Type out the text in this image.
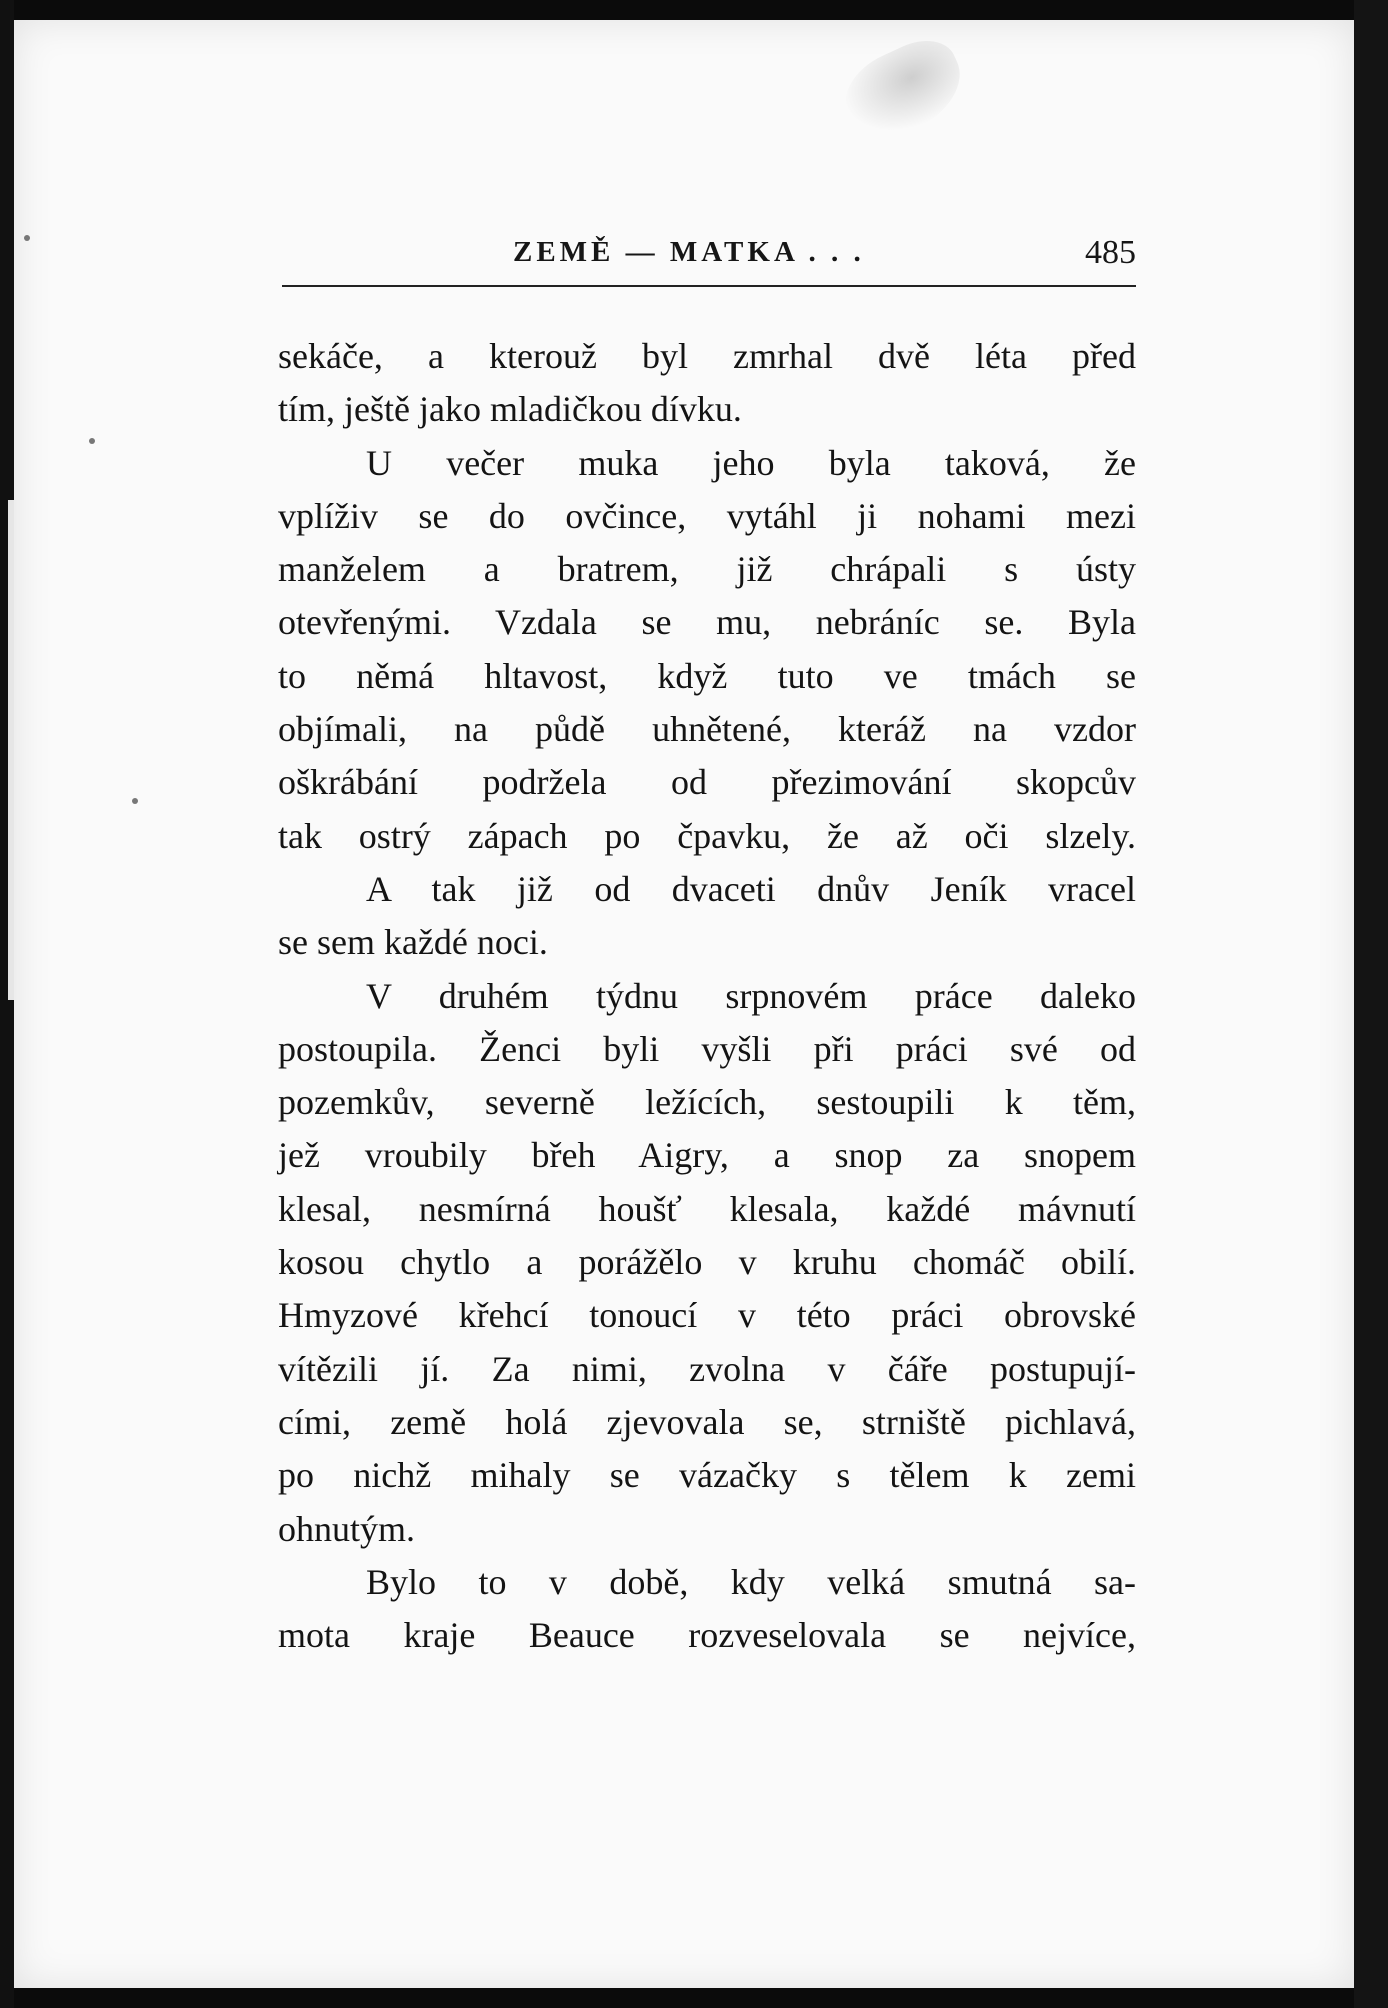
ZEMĚ — MATKA . . .	485
sekáče, a kterouž byl zmrhal dvě léta před
tím, ještě jako mladičkou dívku.
U večer muka jeho byla taková, že
vplíživ se do ovčince, vytáhl ji nohami mezi
manželem a bratrem, již chrápali s ústy
otevřenými. Vzdala se mu, nebráníc se. Byla
to němá hltavost, když tuto ve tmách se
objímali, na půdě uhnětené, kteráž na vzdor
oškrábání podržela od přezimování skopcův
tak ostrý zápach po čpavku, že až oči slzely.
A tak již od dvaceti dnův Jeník vracel
se sem každé noci.
V druhém týdnu srpnovém práce daleko
postoupila. Ženci byli vyšli při práci své od
pozemkův, severně ležících, sestoupili k těm,
jež vroubily břeh Aigry, a snop za snopem
klesal, nesmírná houšť klesala, každé mávnutí
kosou chytlo a porážělo v kruhu chomáč obilí.
Hmyzové křehcí tonoucí v této práci obrovské
vítězili jí. Za nimi, zvolna v čáře postupují-
cími, země holá zjevovala se, strniště pichlavá,
po nichž mihaly se vázačky s tělem k zemi
ohnutým.
Bylo to v době, kdy velká smutná sa-
mota kraje Beauce rozveselovala se nejvíce,
